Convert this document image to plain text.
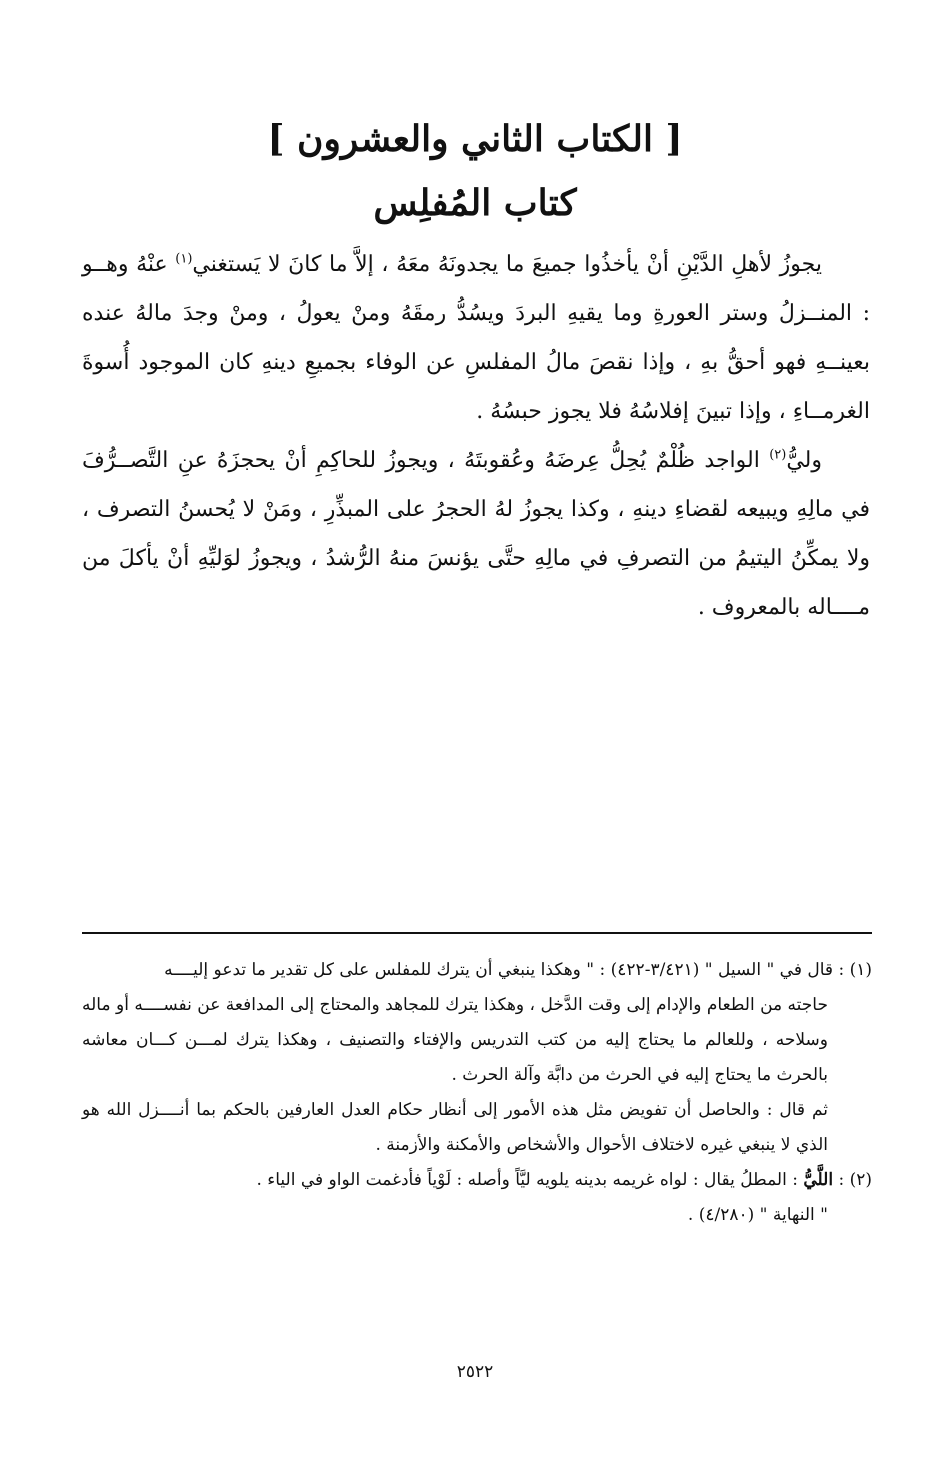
[ الكتاب الثاني والعشرون ]
كتاب المُفلِس

يجوزُ لأهلِ الدَّيْنِ أنْ يأخذُوا جميعَ ما يجدونَهُ معَهُ ، إلاَّ ما كانَ لا يَستغني$^{(١)}$ عنْهُ وهــو : المنــزلُ وستر العورةِ وما يقيهِ البردَ ويسُدُّ رمقَهُ ومنْ يعولُ ، ومنْ وجدَ مالهُ عنده بعينــهِ فهو أحقُّ بهِ ، وإذا نقصَ مالُ المفلسِ عن الوفاء بجميعِ دينهِ كان الموجود أُسوةَ الغرمــاءِ ، وإذا تبينَ إفلاسُهُ فلا يجوز حبسُهُ .

وليُّ$^{(٢)}$ الواجد ظُلْمٌ يُحِلُّ عِرضَهُ وعُقوبتَهُ ، ويجوزُ للحاكِمِ أنْ يحجزَهُ عنِ التَّصــرُّفَ في مالِهِ ويبيعه لقضاءِ دينهِ ، وكذا يجوزُ لهُ الحجرُ على المبذِّرِ ، ومَنْ لا يُحسنُ التصرف ، ولا يمكِّنُ اليتيمُ من التصرفِ في مالِهِ حتَّى يؤنسَ منهُ الرُّشدُ ، ويجوزُ لوَليِّهِ أنْ يأكلَ من مــــاله بالمعروف .

(١) : قال في " السيل " (٣/٤٢١-٤٢٢) : " وهكذا ينبغي أن يترك للمفلس على كل تقدير ما تدعو إليــــه

حاجته من الطعام والإدام إلى وقت الدَّخل ، وهكذا يترك للمجاهد والمحتاج إلى المدافعة عن نفســــه أو ماله وسلاحه ، وللعالم ما يحتاج إليه من كتب التدريس والإفتاء والتصنيف ، وهكذا يترك لمـــن كـــان معاشه بالحرث ما يحتاج إليه في الحرث من دابَّة وآلة الحرث .

ثم قال : والحاصل أن تفويض مثل هذه الأمور إلى أنظار حكام العدل العارفين بالحكم بما أنــــزل الله هو الذي لا ينبغي غيره لاختلاف الأحوال والأشخاص والأمكنة والأزمنة .

(٢) : اللَّيُّ : المطلُ يقال : لواه غريمه بدينه يلويه ليَّاً وأصله : لَوْياً فأدغمت الواو في الياء .

" النهاية " (٤/٢٨٠) .

٢٥٢٢
